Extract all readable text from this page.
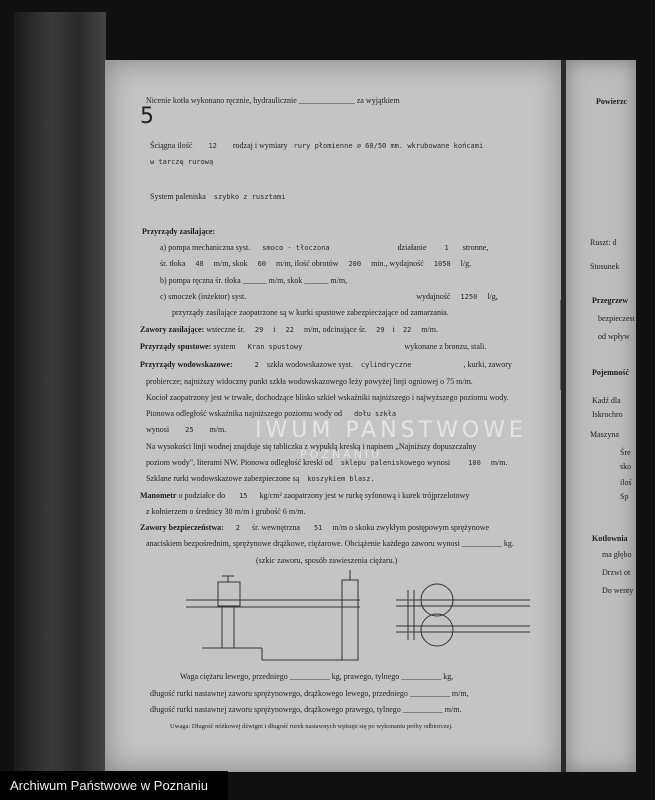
5
Nicenie kotła wykonano ręcznie, hydraulicznie ______________ za wyjątkiem
Ściągna ilość 12 rodzaj i wymiary rury płomienne ⌀ 60/50 mm. wkrubowane końcami
w tarczę rurową
System paleniska szybko z rusztami
Przyrządy zasilające:
a) pompa mechaniczna syst. smoco - tłoczona	działanie	1 stronne,
śr. tłoka 48 m/m, skok 60 m/m, ilość obrotów 200 min., wydajność 1050 l/g,
b) pompa ręczna śr. tłoka ______ m/m, skok ______ m/m,
c) smoczek (inżektor) syst.	wydajność 1250 l/g,
przyrządy zasilające zaopatrzone są w kurki spustowe zabezpieczające od zamarzania.
Zawory zasilające: wsteczne śr. 29 i 22 m/m, odcinające śr. 29 i 22 m/m.
Przyrządy spustowe: system Kran spustowy	wykonane z bronzu, stali.
Przyrządy wodowskazowe:	2 szkła wodowskazowe syst. cylindryczne	, kurki, zawory
probiercze; najniższy widoczny punkt szkła wodowskazowego leży powyżej linji ogniowej o 75 m/m.
Kocioł zaopatrzony jest w trwałe, dochodzące blisko szkieł wskaźniki najniższego i najwyższego poziomu wody.
Pionowa odległość wskaźnika najniższego poziomu wody od dołu szkła
wynosi 25 m/m.
Na wysokości linji wodnej znajduje się tabliczka z wypukłą kreską i napisem „Najniższy dopuszczalny
poziom wody", literami NW. Pionowa odległość kreski od sklepu paleniskowego wynosi	100 m/m.
Szklane rurki wodowskazowe zabezpieczone są koszykiem blasz.
Manometr o podziałce do 15 kg/cm² zaopatrzony jest w rurkę syfonową i kurek trójprzelotowy
z kołnierzem o średnicy 38 m/m i grubość 6 m/m.
Zawory bezpieczeństwa: 2 śr. wewnętrzna 51 m/m o skoku zwykłym postępowym sprężynowe
anaciskiem bezpośrednim, sprężynowe drążkowe, ciężarowe. Obciążenie każdego zaworu wynosi __________ kg.
(szkic zaworu, sposób zawieszenia ciężaru.)
Waga ciężaru lewego, przedniego __________ kg, prawego, tylnego __________ kg,
długość rurki nastawnej zaworu sprężynowego, drążkowego lewego, przedniego __________ m/m,
długość rurki nastawnej zaworu sprężynowego, drążkowego prawego, tylnego __________ m/m.
Uwaga: Długość nóżkowej dźwigni i długość rurek nastawnych wpisuje się po wykonaniu próby odbiorczej.
IWUM PAŃSTWOWE
POZNANIU
Powierzc
Ruszt: d
Stosunek
Przegrzew
bezpieczest
od wpływ
Pojemność
Kadź dla
Iskrochro
Maszyna
Śre
sko
iloś
Sp
Kotłownia
ma głębo
Drzwi ot
Do wenty
Archiwum Państwowe w Poznaniu
